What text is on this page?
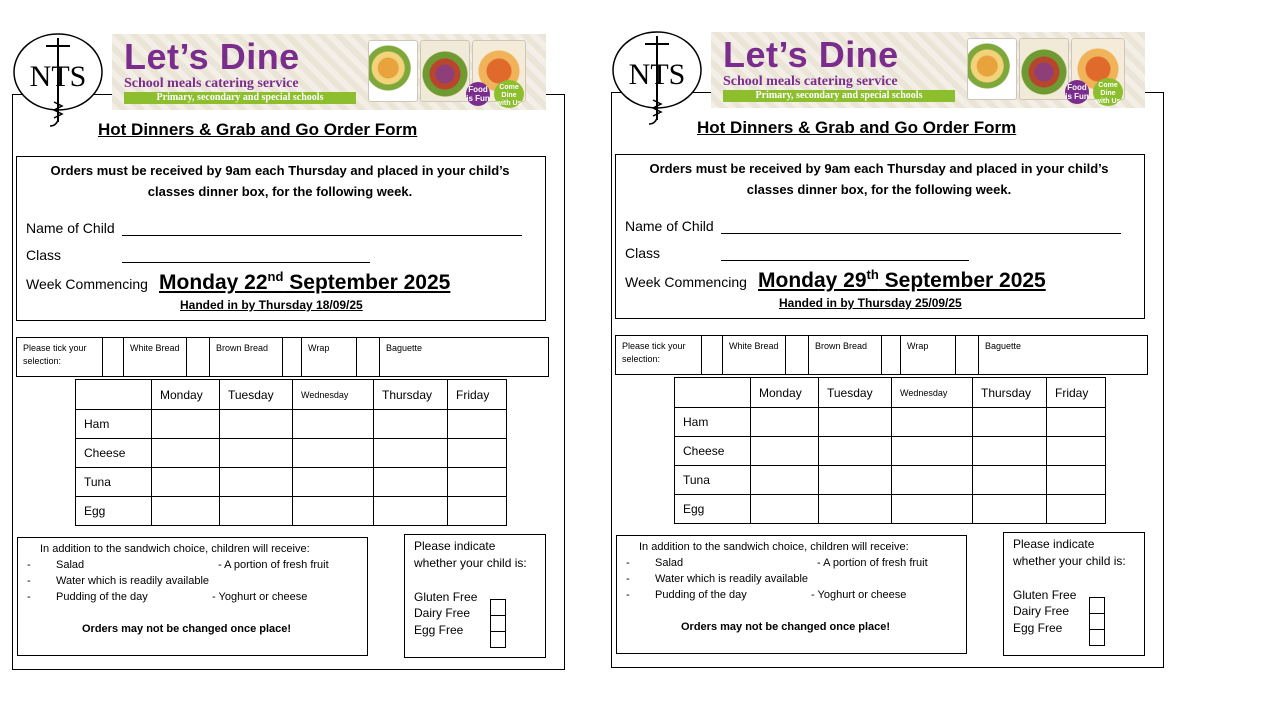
NTS Let’s Dine
School meals catering service
Primary, secondary and special schools
Food is Fun
Come Dine with Us
Hot Dinners & Grab and Go Order Form
Orders must be received by 9am each Thursday and placed in your child’s classes dinner box, for the following week.
Name of Child
Class
Week Commencing Monday 22nd September 2025
Handed in by Thursday 18/09/25
Please tick your selection:		White Bread		Brown Bread		Wrap		Baguette
	Monday	Tuesday	Wednesday	Thursday	Friday
Ham					
Cheese					
Tuna					
Egg					
In addition to the sandwich choice, children will receive:
- Salad	- A portion of fresh fruit
- Water which is readily available
- Pudding of the day	- Yoghurt or cheese
Orders may not be changed once place!
Please indicate whether your child is:
Gluten Free
Dairy Free
Egg Free
NTS Let’s Dine
School meals catering service
Primary, secondary and special schools
Food is Fun
Come Dine with Us
Hot Dinners & Grab and Go Order Form
Orders must be received by 9am each Thursday and placed in your child’s classes dinner box, for the following week.
Name of Child
Class
Week Commencing Monday 29th September 2025
Handed in by Thursday 25/09/25
Please tick your selection:		White Bread		Brown Bread		Wrap		Baguette
	Monday	Tuesday	Wednesday	Thursday	Friday
Ham					
Cheese					
Tuna					
Egg					
In addition to the sandwich choice, children will receive:
- Salad	- A portion of fresh fruit
- Water which is readily available
- Pudding of the day	- Yoghurt or cheese
Orders may not be changed once place!
Please indicate whether your child is:
Gluten Free
Dairy Free
Egg Free
